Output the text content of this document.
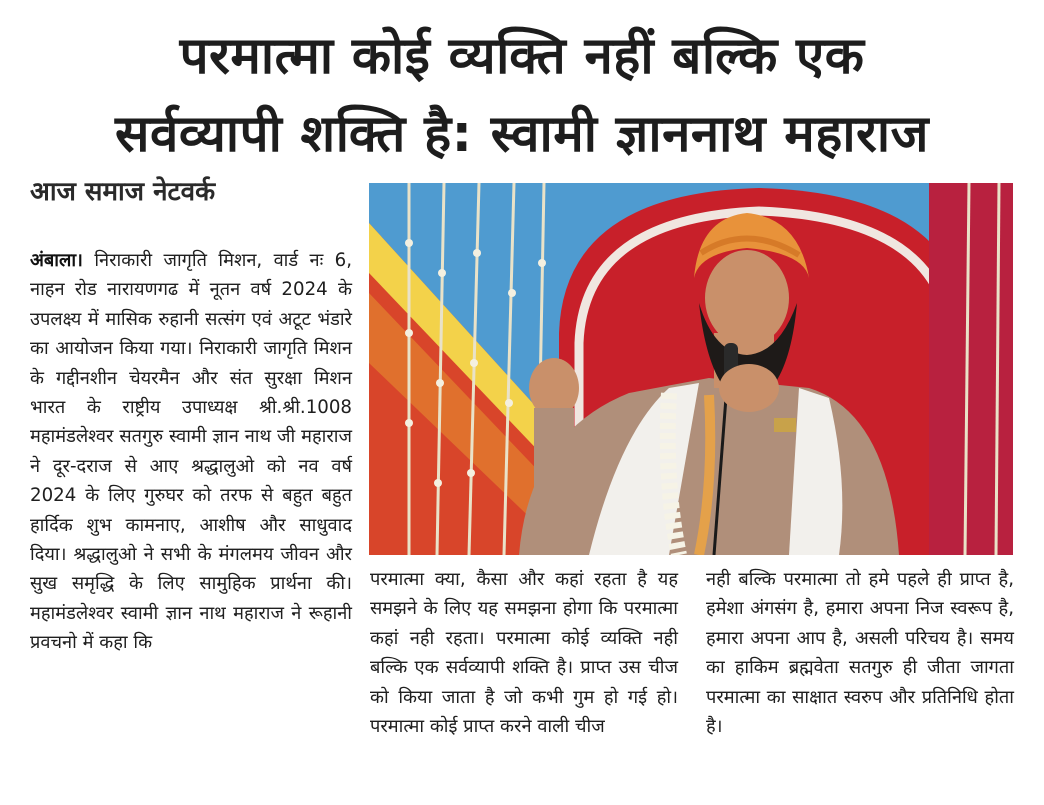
परमात्मा कोई व्यक्ति नहीं बल्कि एक
सर्वव्यापी शक्ति है: स्वामी ज्ञाननाथ महाराज
आज समाज नेटवर्क

अंबाला। निराकारी जागृति मिशन, वार्ड नः 6, नाहन रोड नारायणगढ में नूतन वर्ष 2024 के उपलक्ष्य में मासिक रुहानी सत्संग एवं अटूट भंडारे का आयोजन किया गया। निराकारी जागृति मिशन के गद्दीनशीन चेयरमैन और संत सुरक्षा मिशन भारत के राष्ट्रीय उपाध्यक्ष श्री.श्री.1008 महामंडलेश्वर सतगुरु स्वामी ज्ञान नाथ जी महाराज ने दूर-दराज से आए श्रद्धालुओ को नव वर्ष 2024 के लिए गुरुघर को तरफ से बहुत बहुत हार्दिक शुभ कामनाए, आशीष और साधुवाद दिया। श्रद्धालुओ ने सभी के मंगलमय जीवन और सुख समृद्धि के लिए सामुहिक प्रार्थना की। महामंडलेश्वर स्वामी ज्ञान नाथ महाराज ने रूहानी प्रवचनो में कहा कि

परमात्मा क्या, कैसा और कहां रहता है यह समझने के लिए यह समझना होगा कि परमात्मा कहां नही रहता। परमात्मा कोई व्यक्ति नही बल्कि एक सर्वव्यापी शक्ति है। प्राप्त उस चीज को किया जाता है जो कभी गुम हो गई हो। परमात्मा कोई प्राप्त करने वाली चीज

नही बल्कि परमात्मा तो हमे पहले ही प्राप्त है, हमेशा अंगसंग है, हमारा अपना निज स्वरूप है, हमारा अपना आप है, असली परिचय है। समय का हाकिम ब्रह्मवेता सतगुरु ही जीता जागता परमात्मा का साक्षात स्वरुप और प्रतिनिधि होता है।
